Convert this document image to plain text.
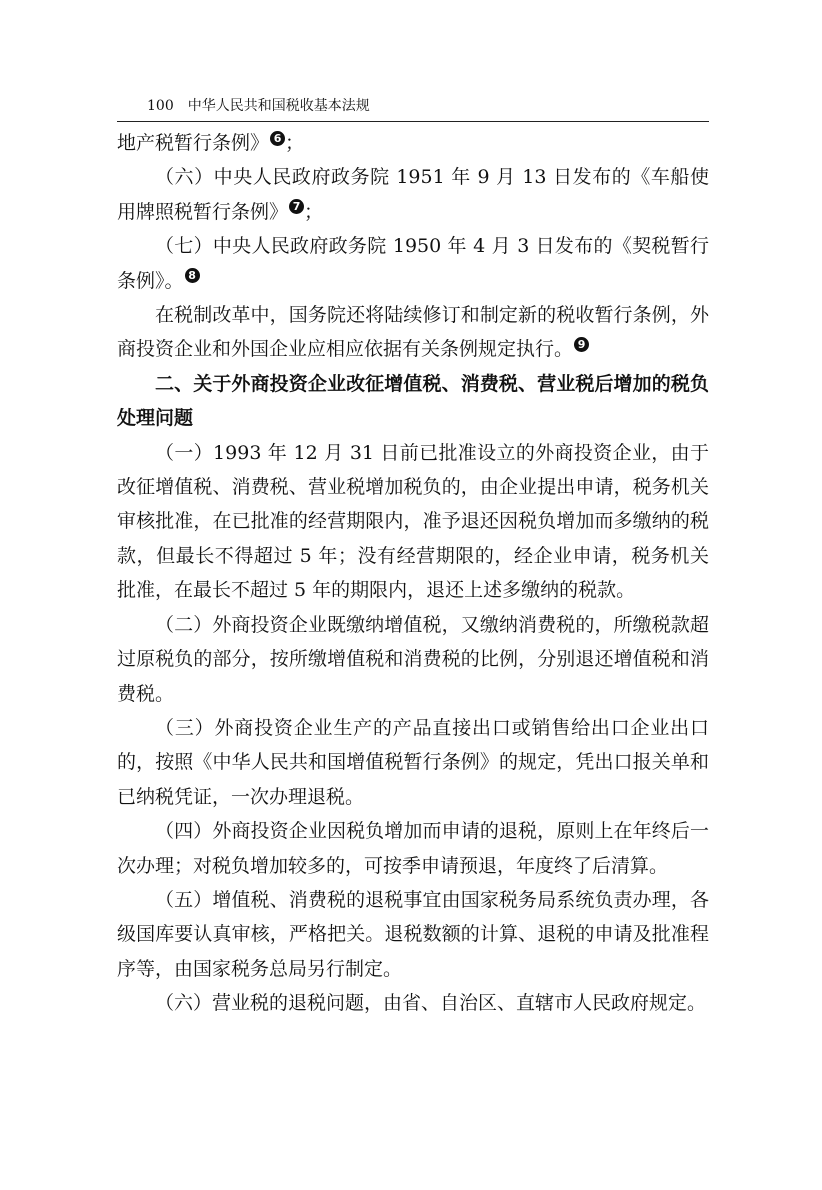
100 中华人民共和国税收基本法规

地产税暂行条例》 6 ；

（六）中央人民政府政务院 1951 年 9 月 13 日发布的《车船使用牌照税暂行条例》 7 ；

（七）中央人民政府政务院 1950 年 4 月 3 日发布的《契税暂行条例》。 8

在税制改革中，国务院还将陆续修订和制定新的税收暂行条例，外商投资企业和外国企业应相应依据有关条例规定执行。 9

二、关于外商投资企业改征增值税、消费税、营业税后增加的税负处理问题

（一）1993 年 12 月 31 日前已批准设立的外商投资企业，由于改征增值税、消费税、营业税增加税负的，由企业提出申请，税务机关审核批准，在已批准的经营期限内，准予退还因税负增加而多缴纳的税款，但最长不得超过 5 年；没有经营期限的，经企业申请，税务机关批准，在最长不超过 5 年的期限内，退还上述多缴纳的税款。

（二）外商投资企业既缴纳增值税，又缴纳消费税的，所缴税款超过原税负的部分，按所缴增值税和消费税的比例，分别退还增值税和消费税。

（三）外商投资企业生产的产品直接出口或销售给出口企业出口的，按照《中华人民共和国增值税暂行条例》的规定，凭出口报关单和已纳税凭证，一次办理退税。

（四）外商投资企业因税负增加而申请的退税，原则上在年终后一次办理；对税负增加较多的，可按季申请预退，年度终了后清算。

（五）增值税、消费税的退税事宜由国家税务局系统负责办理，各级国库要认真审核，严格把关。退税数额的计算、退税的申请及批准程序等，由国家税务总局另行制定。

（六）营业税的退税问题，由省、自治区、直辖市人民政府规定。
